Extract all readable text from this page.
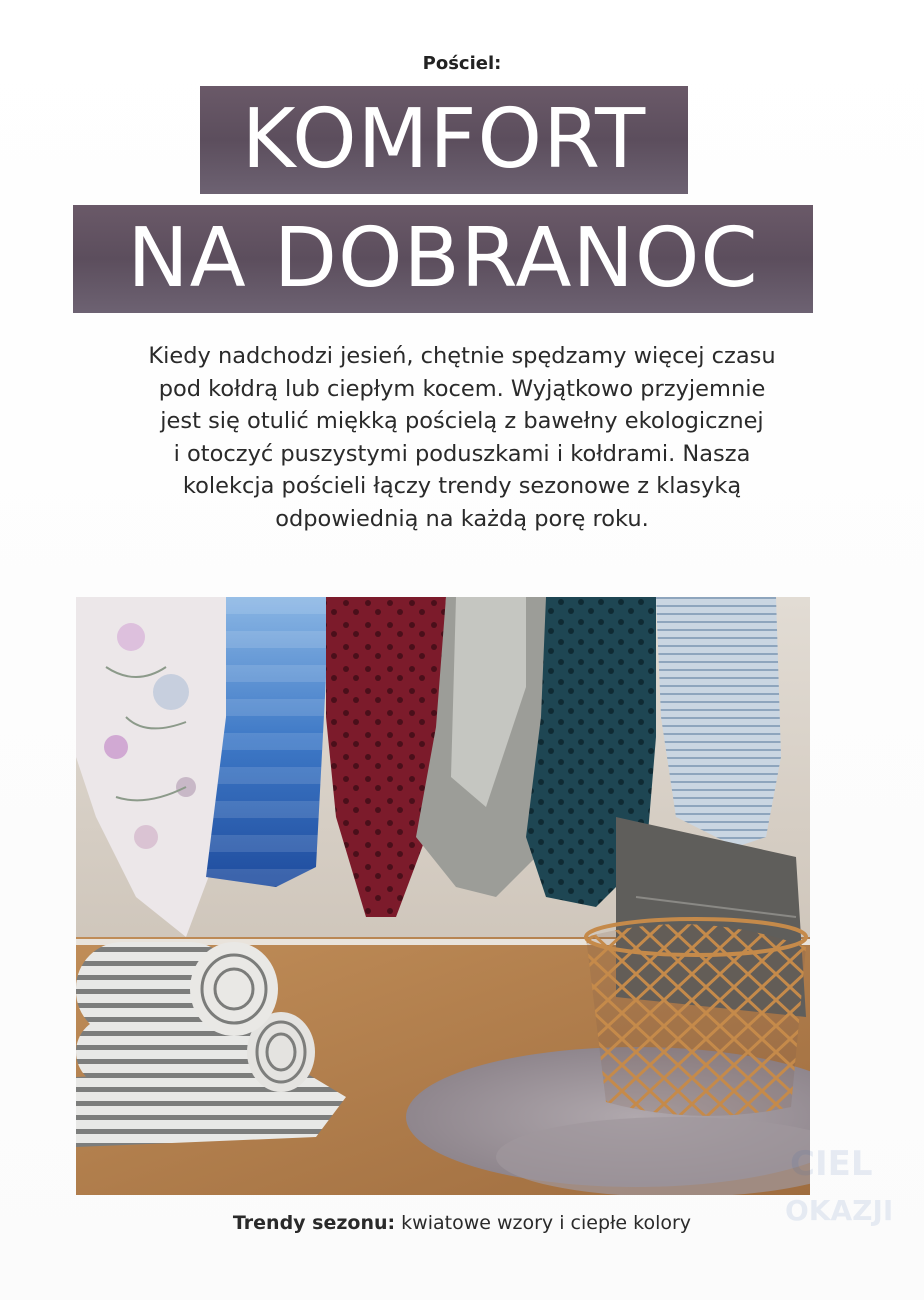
Pościel:
KOMFORT
NA DOBRANOC
Kiedy nadchodzi jesień, chętnie spędzamy więcej czasu
pod kołdrą lub ciepłym kocem. Wyjątkowo przyjemnie
jest się otulić miękką pościelą z bawełny ekologicznej
i otoczyć puszystymi poduszkami i kołdrami. Nasza
kolekcja pościeli łączy trendy sezonowe z klasyką
odpowiednią na każdą porę roku.
Trendy sezonu: kwiatowe wzory i ciepłe kolory
CIEL
OKAZJI
